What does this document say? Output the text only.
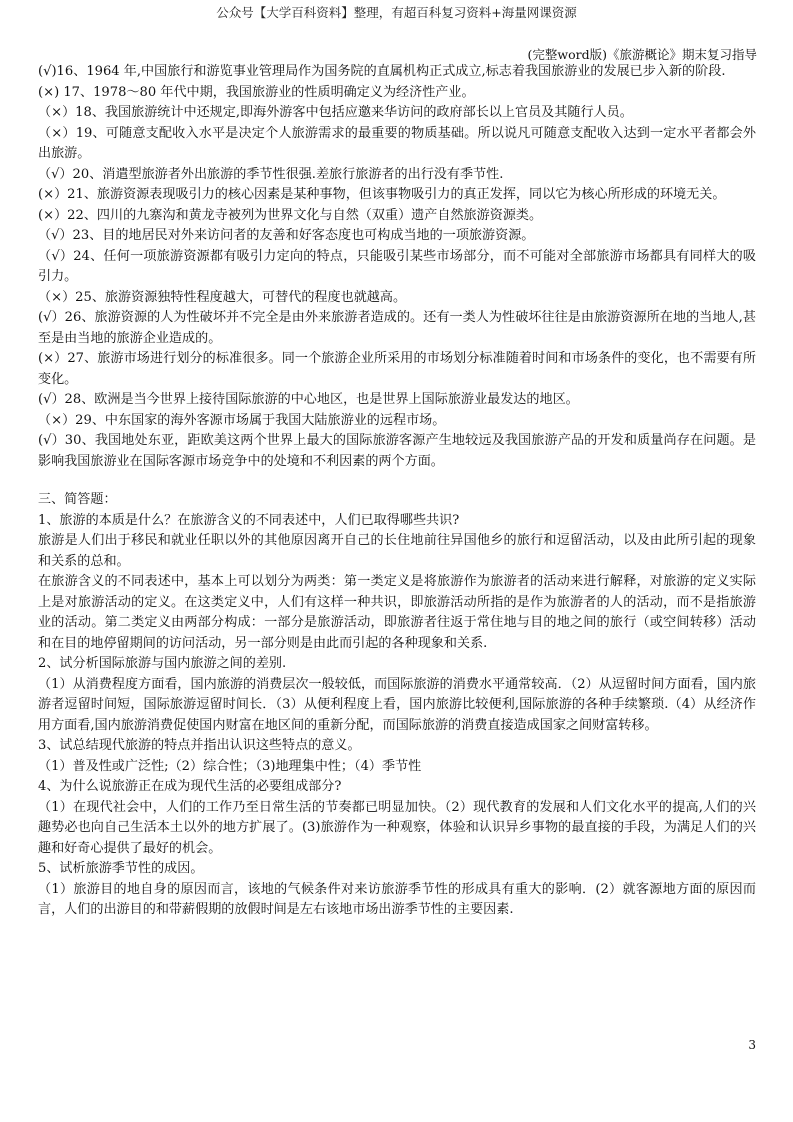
公众号【大学百科资料】整理，有超百科复习资料+海量网课资源
(完整word版)《旅游概论》期末复习指导

(√)16、1964 年,中国旅行和游览事业管理局作为国务院的直属机构正式成立,标志着我国旅游业的发展已步入新的阶段.

(×) 17、1978～80 年代中期，我国旅游业的性质明确定义为经济性产业。

（×）18、我国旅游统计中还规定,即海外游客中包括应邀来华访问的政府部长以上官员及其随行人员。

（×）19、可随意支配收入水平是决定个人旅游需求的最重要的物质基础。所以说凡可随意支配收入达到一定水平者都会外出旅游。

（√）20、消遣型旅游者外出旅游的季节性很强.差旅行旅游者的出行没有季节性.

(×）21、旅游资源表现吸引力的核心因素是某种事物，但该事物吸引力的真正发挥，同以它为核心所形成的环境无关。

(×）22、四川的九寨沟和黄龙寺被列为世界文化与自然（双重）遗产自然旅游资源类。

（√）23、目的地居民对外来访问者的友善和好客态度也可构成当地的一项旅游资源。

（√）24、任何一项旅游资源都有吸引力定向的特点，只能吸引某些市场部分，而不可能对全部旅游市场都具有同样大的吸引力。

（×）25、旅游资源独特性程度越大，可替代的程度也就越高。

(√）26、旅游资源的人为性破坏并不完全是由外来旅游者造成的。还有一类人为性破坏往往是由旅游资源所在地的当地人,甚至是由当地的旅游企业造成的。

(×）27、旅游市场进行划分的标准很多。同一个旅游企业所采用的市场划分标准随着时间和市场条件的变化，也不需要有所变化。

(√）28、欧洲是当今世界上接待国际旅游的中心地区，也是世界上国际旅游业最发达的地区。

（×）29、中东国家的海外客源市场属于我国大陆旅游业的远程市场。

(√）30、我国地处东亚，距欧美这两个世界上最大的国际旅游客源产生地较远及我国旅游产品的开发和质量尚存在问题。是影响我国旅游业在国际客源市场竞争中的处境和不利因素的两个方面。

三、简答题：

1、旅游的本质是什么？在旅游含义的不同表述中，人们已取得哪些共识?

旅游是人们出于移民和就业任职以外的其他原因离开自己的长住地前往异国他乡的旅行和逗留活动，以及由此所引起的现象和关系的总和。

在旅游含义的不同表述中，基本上可以划分为两类：第一类定义是将旅游作为旅游者的活动来进行解释，对旅游的定义实际上是对旅游活动的定义。在这类定义中，人们有这样一种共识，即旅游活动所指的是作为旅游者的人的活动，而不是指旅游业的活动。第二类定义由两部分构成：一部分是旅游活动，即旅游者往返于常住地与目的地之间的旅行（或空间转移）活动和在目的地停留期间的访问活动，另一部分则是由此而引起的各种现象和关系.

2、试分析国际旅游与国内旅游之间的差别.

（1）从消费程度方面看，国内旅游的消费层次一般较低，而国际旅游的消费水平通常较高．（2）从逗留时间方面看，国内旅游者逗留时间短，国际旅游逗留时间长．（3）从便利程度上看，国内旅游比较便利,国际旅游的各种手续繁琐.（4）从经济作用方面看,国内旅游消费促使国内财富在地区间的重新分配，而国际旅游的消费直接造成国家之间财富转移。

3、试总结现代旅游的特点并指出认识这些特点的意义。

（1）普及性或广泛性;（2）综合性；（3)地理集中性；（4）季节性

4、为什么说旅游正在成为现代生活的必要组成部分?

（1）在现代社会中，人们的工作乃至日常生活的节奏都已明显加快。（2）现代教育的发展和人们文化水平的提高,人们的兴趣势必也向自己生活本土以外的地方扩展了。(3)旅游作为一种观察，体验和认识异乡事物的最直接的手段，为满足人们的兴趣和好奇心提供了最好的机会。

5、试析旅游季节性的成因。

（1）旅游目的地自身的原因而言，该地的气候条件对来访旅游季节性的形成具有重大的影响．(2）就客源地方面的原因而言，人们的出游目的和带薪假期的放假时间是左右该地市场出游季节性的主要因素.

3
